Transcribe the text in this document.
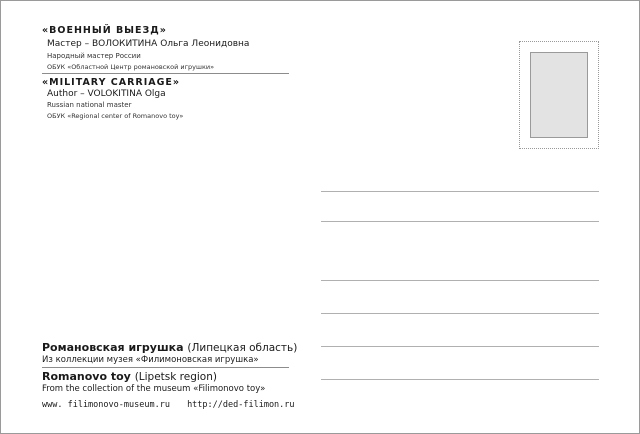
«ВОЕННЫЙ ВЫЕЗД»
Мастер – ВОЛОКИТИНА Ольга Леонидовна
Народный мастер России
ОБУК «Областной Центр романовской игрушки»
«MILITARY CARRIAGE»
Author – VOLOKITINA Olga
Russian national master
ОБУК «Regional center of Romanovo toy»
Романовская игрушка (Липецкая область)
Из коллекции музея «Филимоновская игрушка»
Romanovo toy (Lipetsk region)
From the collection of the museum «Filimonovo toy»
www. filimonovo-museum.ru http://ded-filimon.ru
